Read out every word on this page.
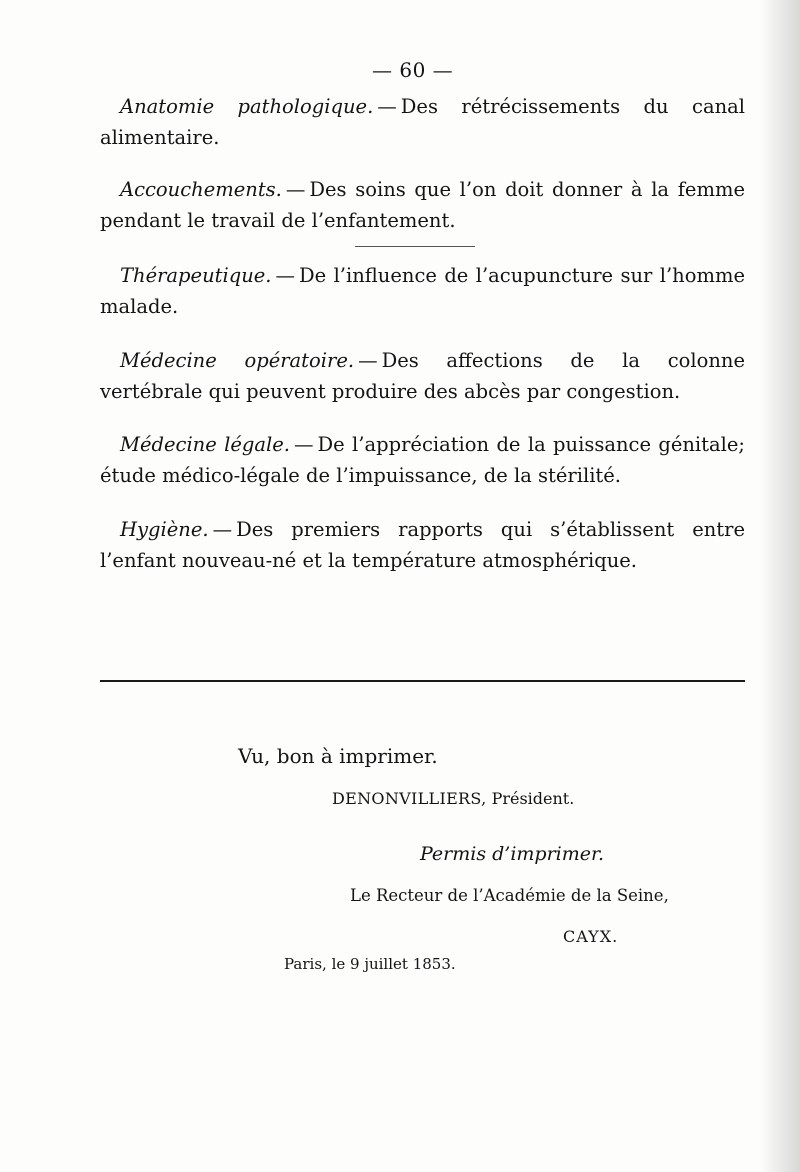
— 60 —
Anatomie pathologique. — Des rétrécissements du canal alimentaire.
Accouchements. — Des soins que l’on doit donner à la femme pendant le travail de l’enfantement.
Thérapeutique. — De l’influence de l’acupuncture sur l’homme malade.
Médecine opératoire. — Des affections de la colonne vertébrale qui peuvent produire des abcès par congestion.
Médecine légale. — De l’appréciation de la puissance génitale; étude médico-légale de l’impuissance, de la stérilité.
Hygiène. — Des premiers rapports qui s’établissent entre l’enfant nouveau-né et la température atmosphérique.
Vu, bon à imprimer.
DENONVILLIERS, Président.
Permis d’imprimer.
Le Recteur de l’Académie de la Seine,
CAYX.
Paris, le 9 juillet 1853.
